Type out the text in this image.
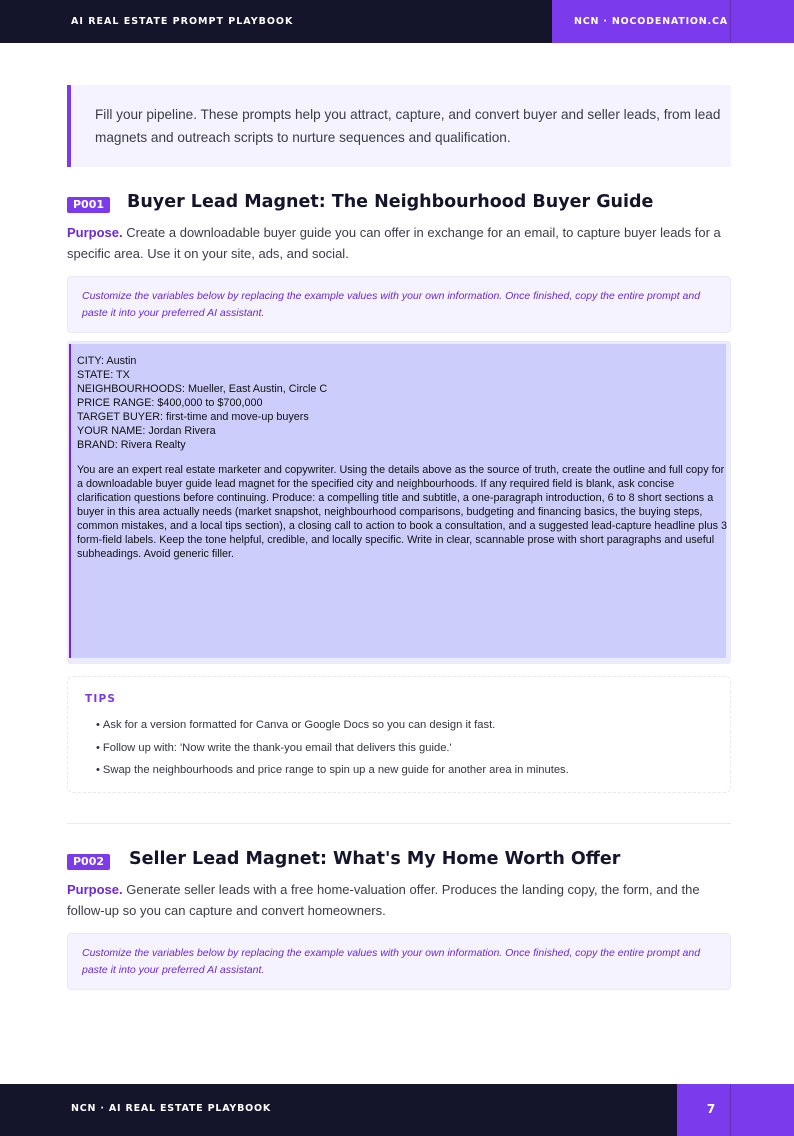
AI REAL ESTATE PROMPT PLAYBOOK	NCN · NOCODENATION.CA

Fill your pipeline. These prompts help you attract, capture, and convert buyer and seller leads, from lead magnets and outreach scripts to nurture sequences and qualification.

P001	Buyer Lead Magnet: The Neighbourhood Buyer Guide
Purpose. Create a downloadable buyer guide you can offer in exchange for an email, to capture buyer leads for a specific area. Use it on your site, ads, and social.

Customize the variables below by replacing the example values with your own information. Once finished, copy the entire prompt and paste it into your preferred AI assistant.

CITY: Austin
STATE: TX
NEIGHBOURHOODS: Mueller, East Austin, Circle C
PRICE RANGE: $400,000 to $700,000
TARGET BUYER: first-time and move-up buyers
YOUR NAME: Jordan Rivera
BRAND: Rivera Realty
You are an expert real estate marketer and copywriter. Using the details above as the source of truth, create the outline and full copy for a downloadable buyer guide lead magnet for the specified city and neighbourhoods. If any required field is blank, ask concise clarification questions before continuing. Produce: a compelling title and subtitle, a one-paragraph introduction, 6 to 8 short sections a buyer in this area actually needs (market snapshot, neighbourhood comparisons, budgeting and financing basics, the buying steps, common mistakes, and a local tips section), a closing call to action to book a consultation, and a suggested lead-capture headline plus 3 form-field labels. Keep the tone helpful, credible, and locally specific. Write in clear, scannable prose with short paragraphs and useful subheadings. Avoid generic filler.
TIPS
• Ask for a version formatted for Canva or Google Docs so you can design it fast.
• Follow up with: 'Now write the thank-you email that delivers this guide.'
• Swap the neighbourhoods and price range to spin up a new guide for another area in minutes.
P002	Seller Lead Magnet: What's My Home Worth Offer
Purpose. Generate seller leads with a free home-valuation offer. Produces the landing copy, the form, and the follow-up so you can capture and convert homeowners.

Customize the variables below by replacing the example values with your own information. Once finished, copy the entire prompt and paste it into your preferred AI assistant.

NCN · AI REAL ESTATE PLAYBOOK	7
